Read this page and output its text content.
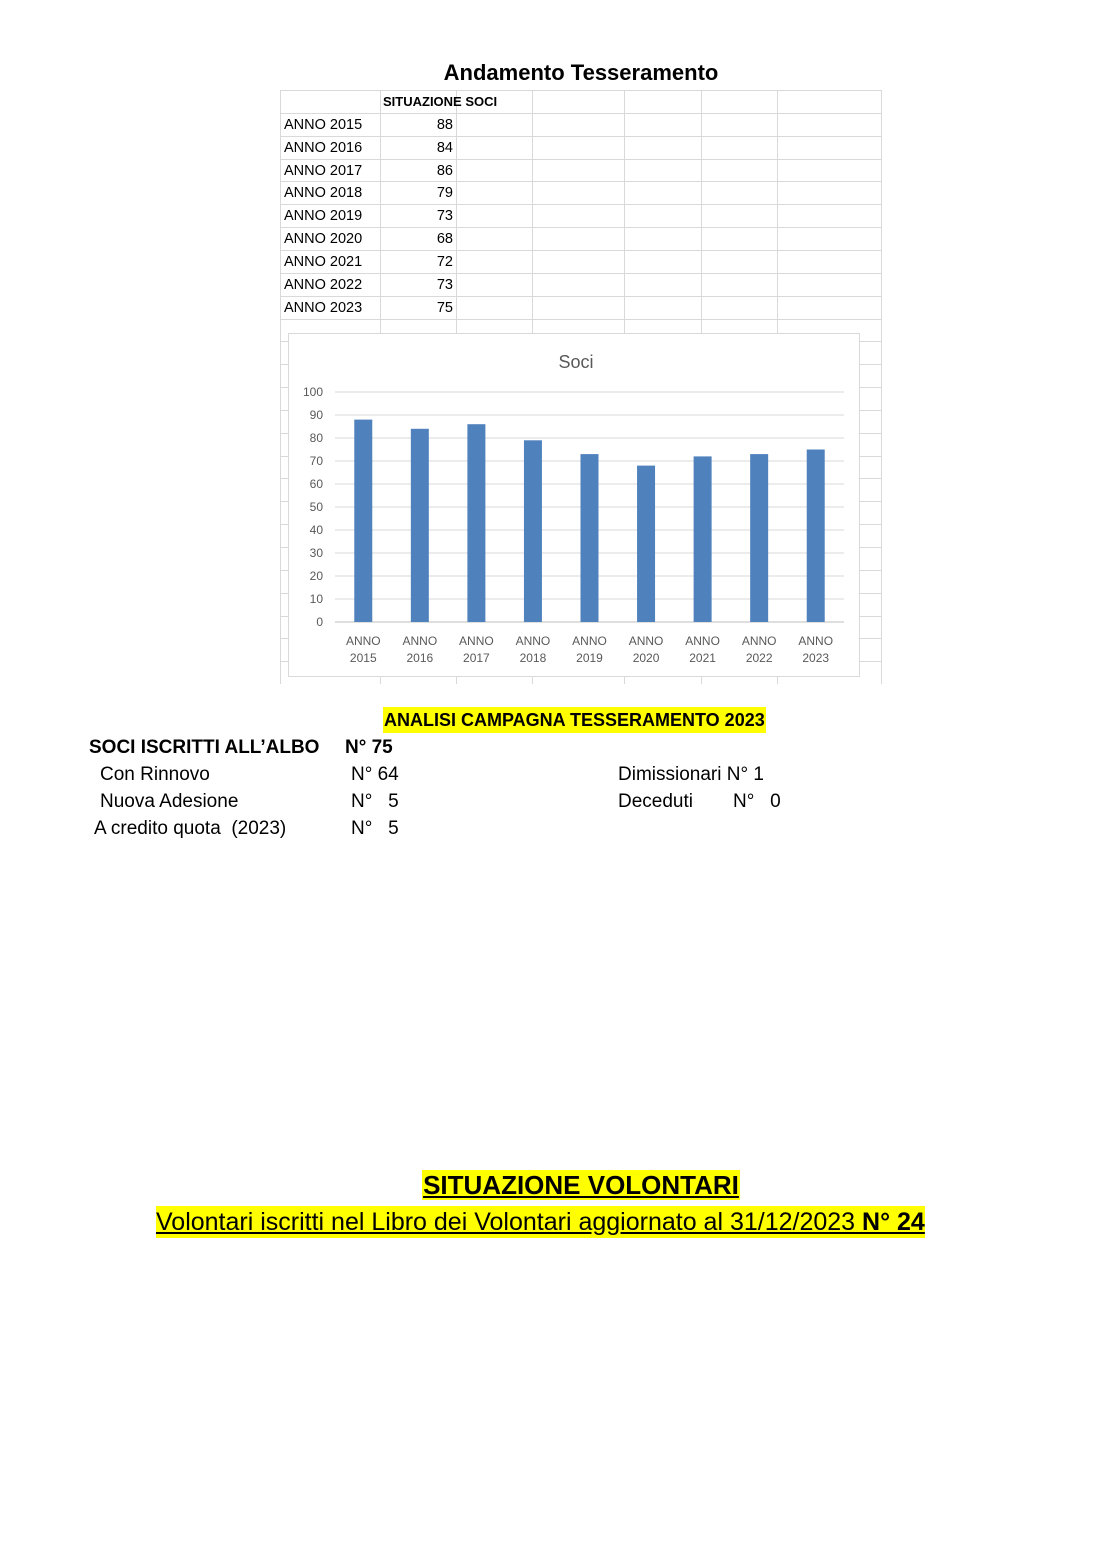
Andamento Tesseramento
SITUAZIONE SOCI
ANNO 2015	88
ANNO 2016	84
ANNO 2017	86
ANNO 2018	79
ANNO 2019	73
ANNO 2020	68
ANNO 2021	72
ANNO 2022	73
ANNO 2023	75
Soci
0
10
20
30
40
50
60
70
80
90
100
ANNO 2015
ANNO 2016
ANNO 2017
ANNO 2018
ANNO 2019
ANNO 2020
ANNO 2021
ANNO 2022
ANNO 2023
ANALISI CAMPAGNA TESSERAMENTO 2023
SOCI ISCRITTI ALL’ALBO N° 75
Con Rinnovo	N° 64	Dimissionari N° 1
Nuova Adesione	N°   5	Deceduti N°   0
A credito quota  (2023)	N°   5
SITUAZIONE VOLONTARI
Volontari iscritti nel Libro dei Volontari aggiornato al 31/12/2023 N° 24
